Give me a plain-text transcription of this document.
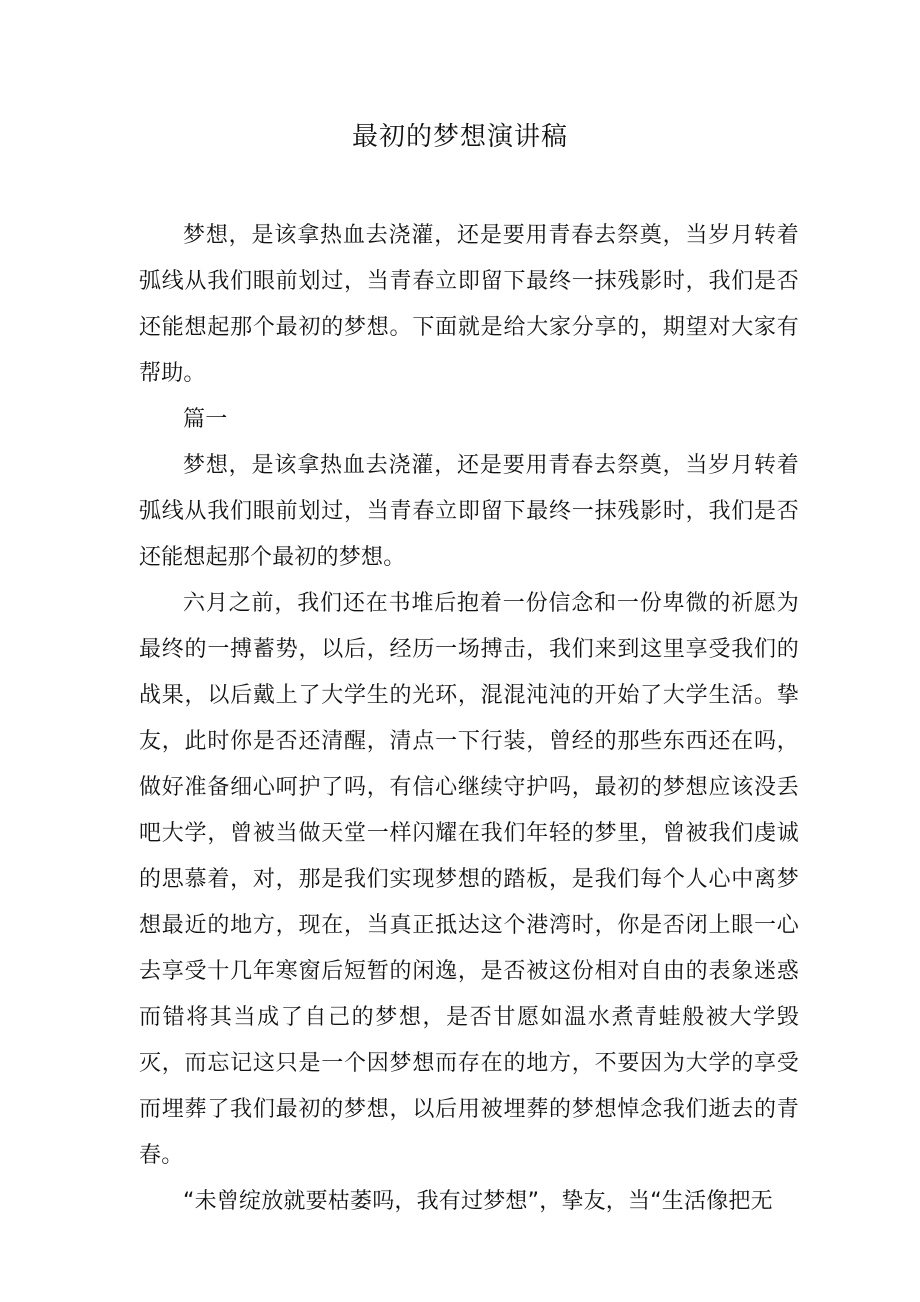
最初的梦想演讲稿

梦想，是该拿热血去浇灌，还是要用青春去祭奠，当岁月转着弧线从我们眼前划过，当青春立即留下最终一抹残影时，我们是否还能想起那个最初的梦想。下面就是给大家分享的，期望对大家有帮助。

篇一

梦想，是该拿热血去浇灌，还是要用青春去祭奠，当岁月转着弧线从我们眼前划过，当青春立即留下最终一抹残影时，我们是否还能想起那个最初的梦想。

六月之前，我们还在书堆后抱着一份信念和一份卑微的祈愿为最终的一搏蓄势，以后，经历一场搏击，我们来到这里享受我们的战果，以后戴上了大学生的光环，混混沌沌的开始了大学生活。挚友，此时你是否还清醒，清点一下行装，曾经的那些东西还在吗，做好准备细心呵护了吗，有信心继续守护吗，最初的梦想应该没丢吧大学，曾被当做天堂一样闪耀在我们年轻的梦里，曾被我们虔诚的思慕着，对，那是我们实现梦想的踏板，是我们每个人心中离梦想最近的地方，现在，当真正抵达这个港湾时，你是否闭上眼一心去享受十几年寒窗后短暂的闲逸，是否被这份相对自由的表象迷惑而错将其当成了自己的梦想，是否甘愿如温水煮青蛙般被大学毁灭，而忘记这只是一个因梦想而存在的地方，不要因为大学的享受而埋葬了我们最初的梦想，以后用被埋葬的梦想悼念我们逝去的青春。

“未曾绽放就要枯萎吗，我有过梦想”，挚友，当“生活像把无
